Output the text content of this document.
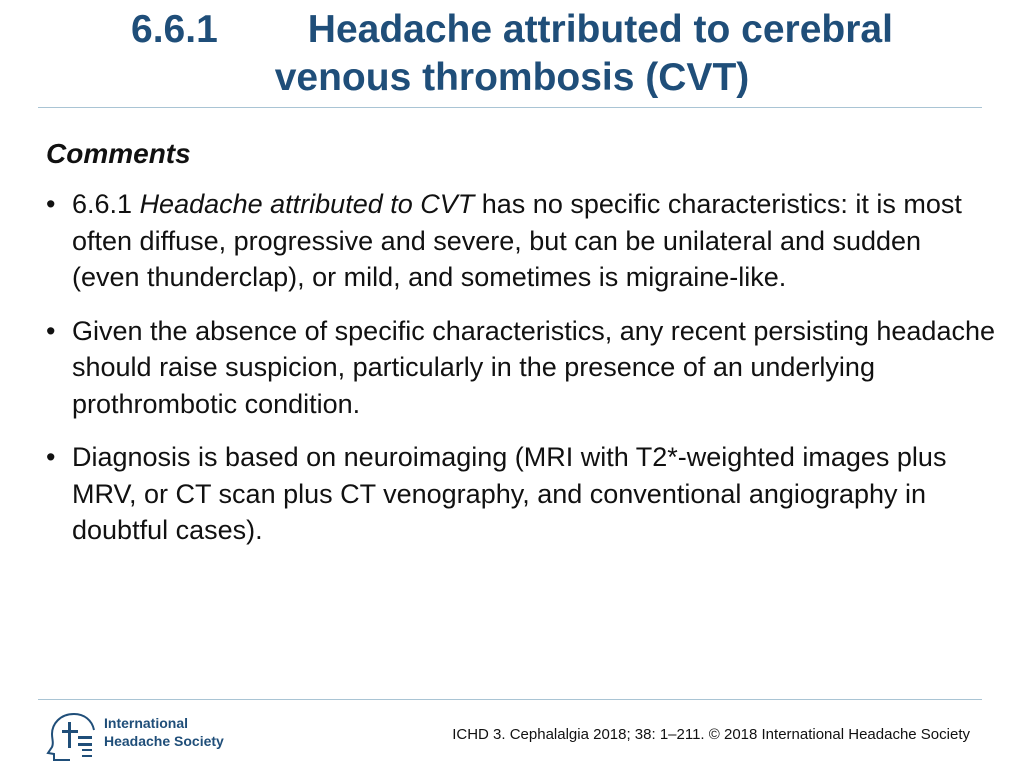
6.6.1 Headache attributed to cerebral
venous thrombosis (CVT)
Comments
• 6.6.1 Headache attributed to CVT has no specific characteristics: it is most often diffuse, progressive and severe, but can be unilateral and sudden (even thunderclap), or mild, and sometimes is migraine-like.
• Given the absence of specific characteristics, any recent persisting headache should raise suspicion, particularly in the presence of an underlying prothrombotic condition.
• Diagnosis is based on neuroimaging (MRI with T2*-weighted images plus MRV, or CT scan plus CT venography, and conventional angiography in doubtful cases).
International
Headache Society	ICHD 3. Cephalalgia 2018; 38: 1–211. © 2018 International Headache Society
